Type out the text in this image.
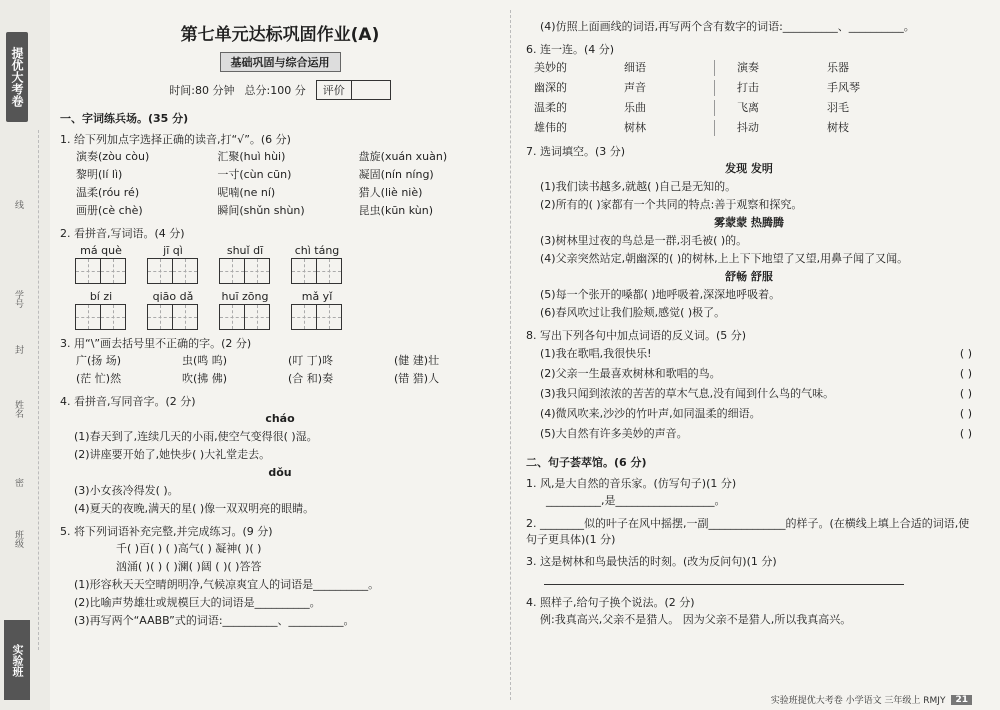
提优大考卷
线
学号
封
姓名
密
班级
实验班
第七单元达标巩固作业(A)
基础巩固与综合运用
时间:80 分钟 总分:100 分	评价
一、字词练兵场。(35 分)
1. 给下列加点字选择正确的读音,打“√”。(6 分)
演奏(zòu còu)	汇聚(huì hùi)	盘旋(xuán xuàn)
黎明(lí lì)	一寸(cùn cūn)	凝固(nín níng)
温柔(róu ré)	呢喃(ne ní)	猎人(liè niè)
画册(cè chè)	瞬间(shǔn shùn)	昆虫(kūn kùn)
2. 看拼音,写词语。(4 分)
má què	jī qì	shuǐ dī	chì táng
bí zi	qiāo dǎ	huī zōng	mǎ yǐ
3. 用“\”画去括号里不正确的字。(2 分)
广(扬 场)	虫(鸣 呜)	(叮 丁)咚	(健 建)壮
(茫 忙)然	吹(拂 佛)	(合 和)奏	(错 猎)人
4. 看拼音,写同音字。(2 分)
cháo
(1)春天到了,连续几天的小雨,使空气变得很( )湿。
(2)讲座要开始了,她快步( )大礼堂走去。
dǒu
(3)小女孩冷得发( )。
(4)夏天的夜晚,满天的星( )像一双双明亮的眼睛。
5. 将下列词语补充完整,并完成练习。(9 分)
千( )百( ) ( )高气( ) 凝神( )( )
汹涌( )( ) ( )澜( )阔 ( )( )答答
(1)形容秋天天空晴朗明净,气候凉爽宜人的词语是__________。
(2)比喻声势雄壮或规模巨大的词语是__________。
(3)再写两个“AABB”式的词语:__________、__________。
(4)仿照上面画线的词语,再写两个含有数字的词语:__________、__________。
6. 连一连。(4 分)
美妙的	细语	演奏	乐器
幽深的	声音	打击	手风琴
温柔的	乐曲	飞离	羽毛
雄伟的	树林	抖动	树枝
7. 选词填空。(3 分)
发现 发明
(1)我们读书越多,就越( )自己是无知的。
(2)所有的( )家都有一个共同的特点:善于观察和探究。
雾蒙蒙 热腾腾
(3)树林里过夜的鸟总是一群,羽毛被( )的。
(4)父亲突然站定,朝幽深的( )的树林,上上下下地望了又望,用鼻子闻了又闻。
舒畅 舒服
(5)每一个张开的嗓都( )地呼吸着,深深地呼吸着。
(6)春风吹过让我们脸颊,感觉( )极了。
8. 写出下列各句中加点词语的反义词。(5 分)
(1)我在歌唱,我很快乐!	( )
(2)父亲一生最喜欢树林和歌唱的鸟。	( )
(3)我只闻到浓浓的苦苦的草木气息,没有闻到什么鸟的气味。	( )
(4)微风吹来,沙沙的竹叶声,如同温柔的细语。	( )
(5)大自然有许多美妙的声音。	( )
二、句子荟萃馆。(6 分)
1. 风,是大自然的音乐家。(仿写句子)(1 分)
__________,是__________________。
2. ________似的叶子在风中摇摆,一副______________的样子。(在横线上填上合适的词语,使句子更具体)(1 分)
3. 这是树林和鸟最快活的时刻。(改为反问句)(1 分)
4. 照样子,给句子换个说法。(2 分)
例:我真高兴,父亲不是猎人。 因为父亲不是猎人,所以我真高兴。
实验班提优大考卷 小学语文 三年级上 RMJY	21
